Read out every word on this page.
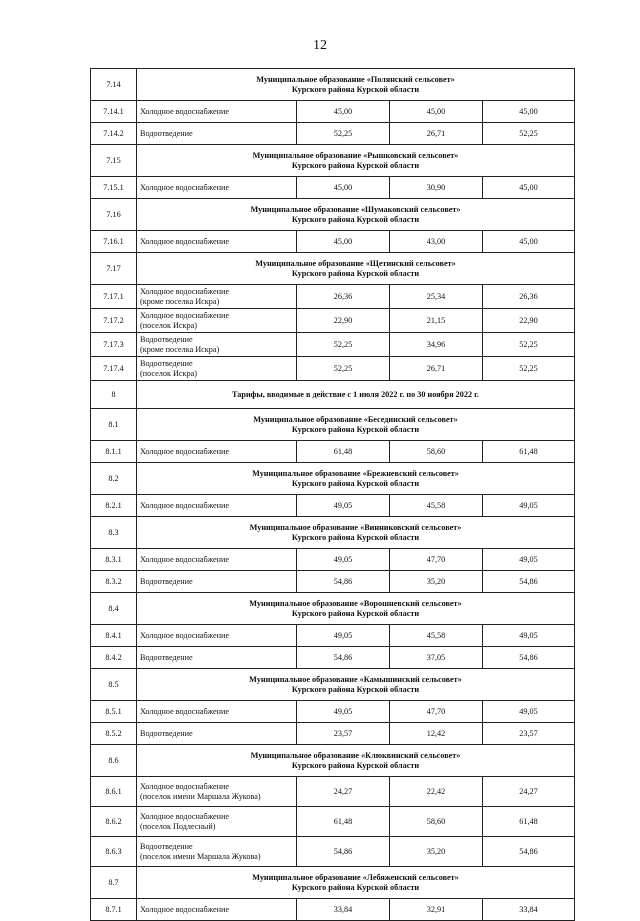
12
7.14	Муниципальное образование «Полянский сельсовет»
Курского района Курской области			

7.14.1	Холодное водоснабжение	45,00	45,00	45,00
7.14.2	Водоотведение	52,25	26,71	52,25
7.15	Муниципальное образование «Рышковский сельсовет»
Курского района Курской области			

7.15.1	Холодное водоснабжение	45,00	30,90	45,00
7.16	Муниципальное образование «Шумаковский сельсовет»
Курского района Курской области			

7.16.1	Холодное водоснабжение	45,00	43,00	45,00
7.17	Муниципальное образование «Щетинский сельсовет»
Курского района Курской области			

7.17.1	Холодное водоснабжение
(кроме поселка Искра)	26,36	25,34	26,36
7.17.2	Холодное водоснабжение
(поселок Искра)	22,90	21,15	22,90
7.17.3	Водоотведение
(кроме поселка Искра)	52,25	34,96	52,25
7.17.4	Водоотведение
(поселок Искра)	52,25	26,71	52,25
8	Тарифы, вводимые в действие с 1 июля 2022 г. по 30 ноября 2022 г.			
8.1	Муниципальное образование «Бесединский сельсовет»
Курского района Курской области			

8.1.1	Холодное водоснабжение	61,48	58,60	61,48
8.2	Муниципальное образование «Брежневский сельсовет»
Курского района Курской области			

8.2.1	Холодное водоснабжение	49,05	45,58	49,05
8.3	Муниципальное образование «Винниковский сельсовет»
Курского района Курской области			

8.3.1	Холодное водоснабжение	49,05	47,70	49,05
8.3.2	Водоотведение	54,86	35,20	54,86
8.4	Муниципальное образование «Ворошневский сельсовет»
Курского района Курской области			

8.4.1	Холодное водоснабжение	49,05	45,58	49,05
8.4.2	Водоотведение	54,86	37,05	54,86
8.5	Муниципальное образование «Камышинский сельсовет»
Курского района Курской области			

8.5.1	Холодное водоснабжение	49,05	47,70	49,05
8.5.2	Водоотведение	23,57	12,42	23,57
8.6	Муниципальное образование «Клюквинский сельсовет»
Курского района Курской области			

8.6.1	Холодное водоснабжение
(поселок имени Маршала Жукова)	24,27	22,42	24,27
8.6.2	Холодное водоснабжение
(поселок Подлесный)	61,48	58,60	61,48
8.6.3	Водоотведение
(поселок имени Маршала Жукова)	54,86	35,20	54,86
8.7	Муниципальное образование «Лебяженский сельсовет»
Курского района Курской области			

8.7.1	Холодное водоснабжение	33,84	32,91	33,84
